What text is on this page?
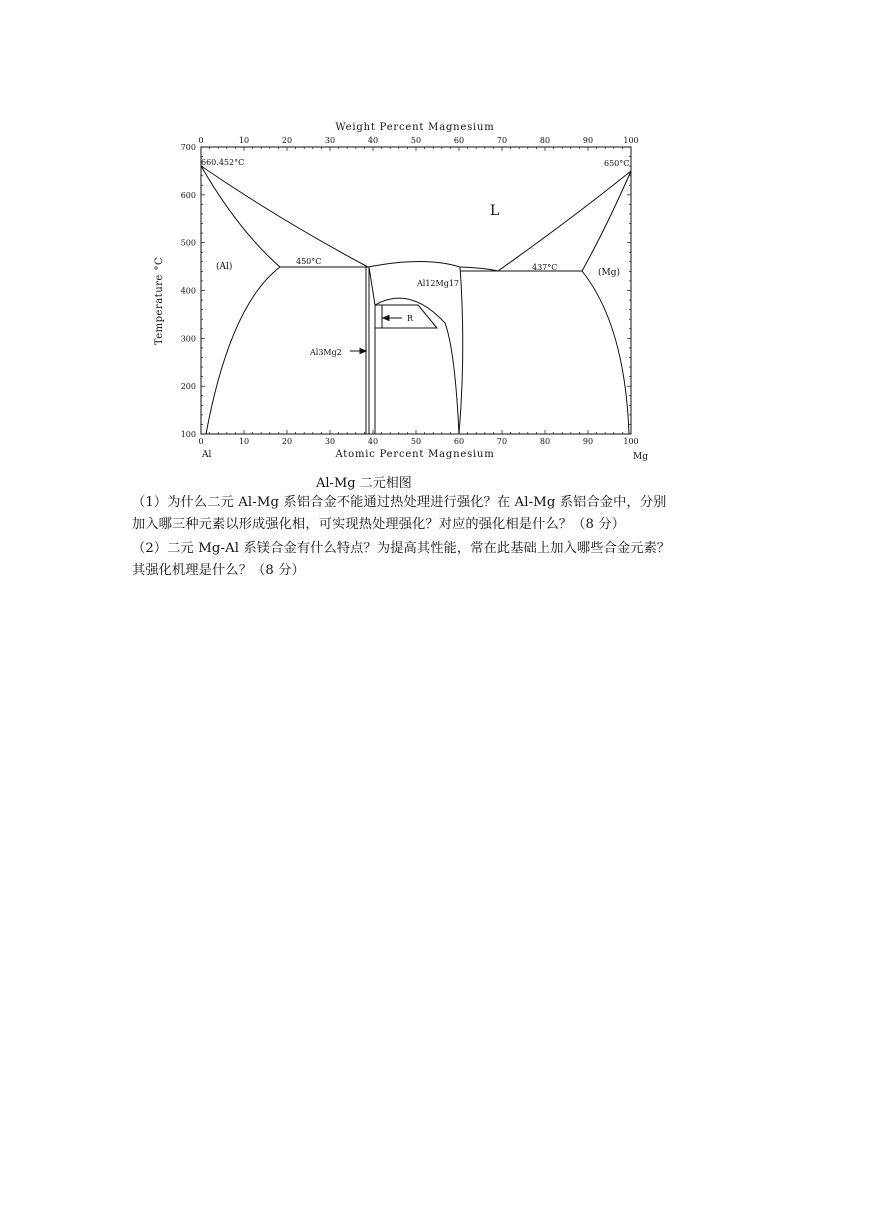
Weight Percent Magnesium
Atomic Percent Magnesium
Temperature °C
0	10	20	30	40	50	60	70	80	90	100
0	10	20	30	40	50	60	70	80	90	100
100
200
300
400
500
600
700
Al	Mg
660.452°C	650°C
L
(Al)
(Mg)
450°C
437°C
Al12Mg17
R
Al3Mg2
Al-Mg 二元相图
（1）为什么二元 Al-Mg 系铝合金不能通过热处理进行强化？在 Al-Mg 系铝合金中，分别
加入哪三种元素以形成强化相，可实现热处理强化？对应的强化相是什么？（8 分）
（2）二元 Mg-Al 系镁合金有什么特点？为提高其性能，常在此基础上加入哪些合金元素？
其强化机理是什么？（8 分）
